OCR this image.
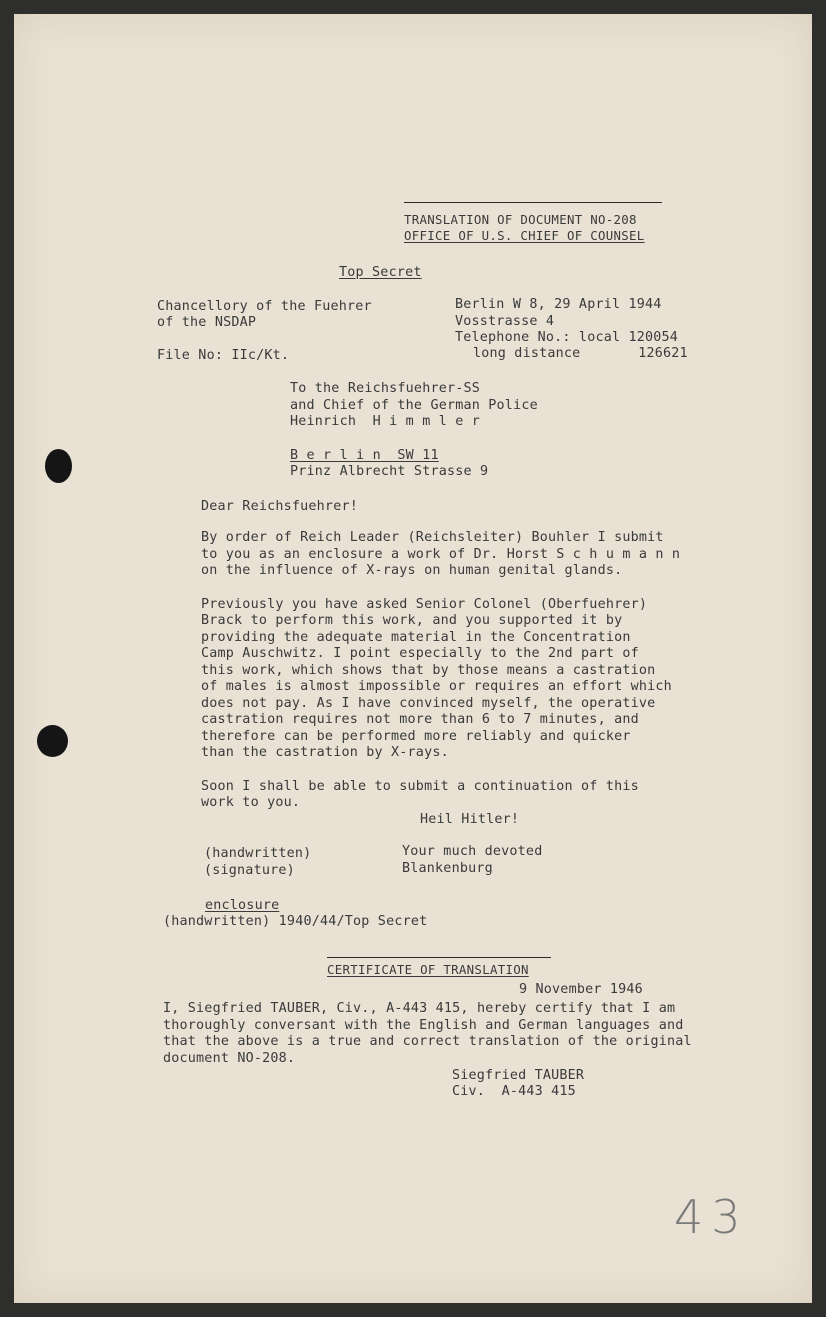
TRANSLATION OF DOCUMENT NO-208
OFFICE OF U.S. CHIEF OF COUNSEL
Top Secret
Chancellory of the Fuehrer
of the NSDAP
File No: IIc/Kt.
Berlin W 8, 29 April 1944
Vosstrasse 4
Telephone No.: local 120054
long distance       126621
To the Reichsfuehrer-SS
and Chief of the German Police
Heinrich  H i m m l e r
B e r l i n  SW 11
Prinz Albrecht Strasse 9
Dear Reichsfuehrer!
By order of Reich Leader (Reichsleiter) Bouhler I submit
to you as an enclosure a work of Dr. Horst S c h u m a n n
on the influence of X-rays on human genital glands.
Previously you have asked Senior Colonel (Oberfuehrer)
Brack to perform this work, and you supported it by
providing the adequate material in the Concentration
Camp Auschwitz. I point especially to the 2nd part of
this work, which shows that by those means a castration
of males is almost impossible or requires an effort which
does not pay. As I have convinced myself, the operative
castration requires not more than 6 to 7 minutes, and
therefore can be performed more reliably and quicker
than the castration by X-rays.
Soon I shall be able to submit a continuation of this
work to you.
Heil Hitler!
(handwritten)
(signature)
Your much devoted
Blankenburg
enclosure
(handwritten) 1940/44/Top Secret
CERTIFICATE OF TRANSLATION
9 November 1946
I, Siegfried TAUBER, Civ., A-443 415, hereby certify that I am
thoroughly conversant with the English and German languages and
that the above is a true and correct translation of the original
document NO-208.
Siegfried TAUBER
Civ.  A-443 415
43
